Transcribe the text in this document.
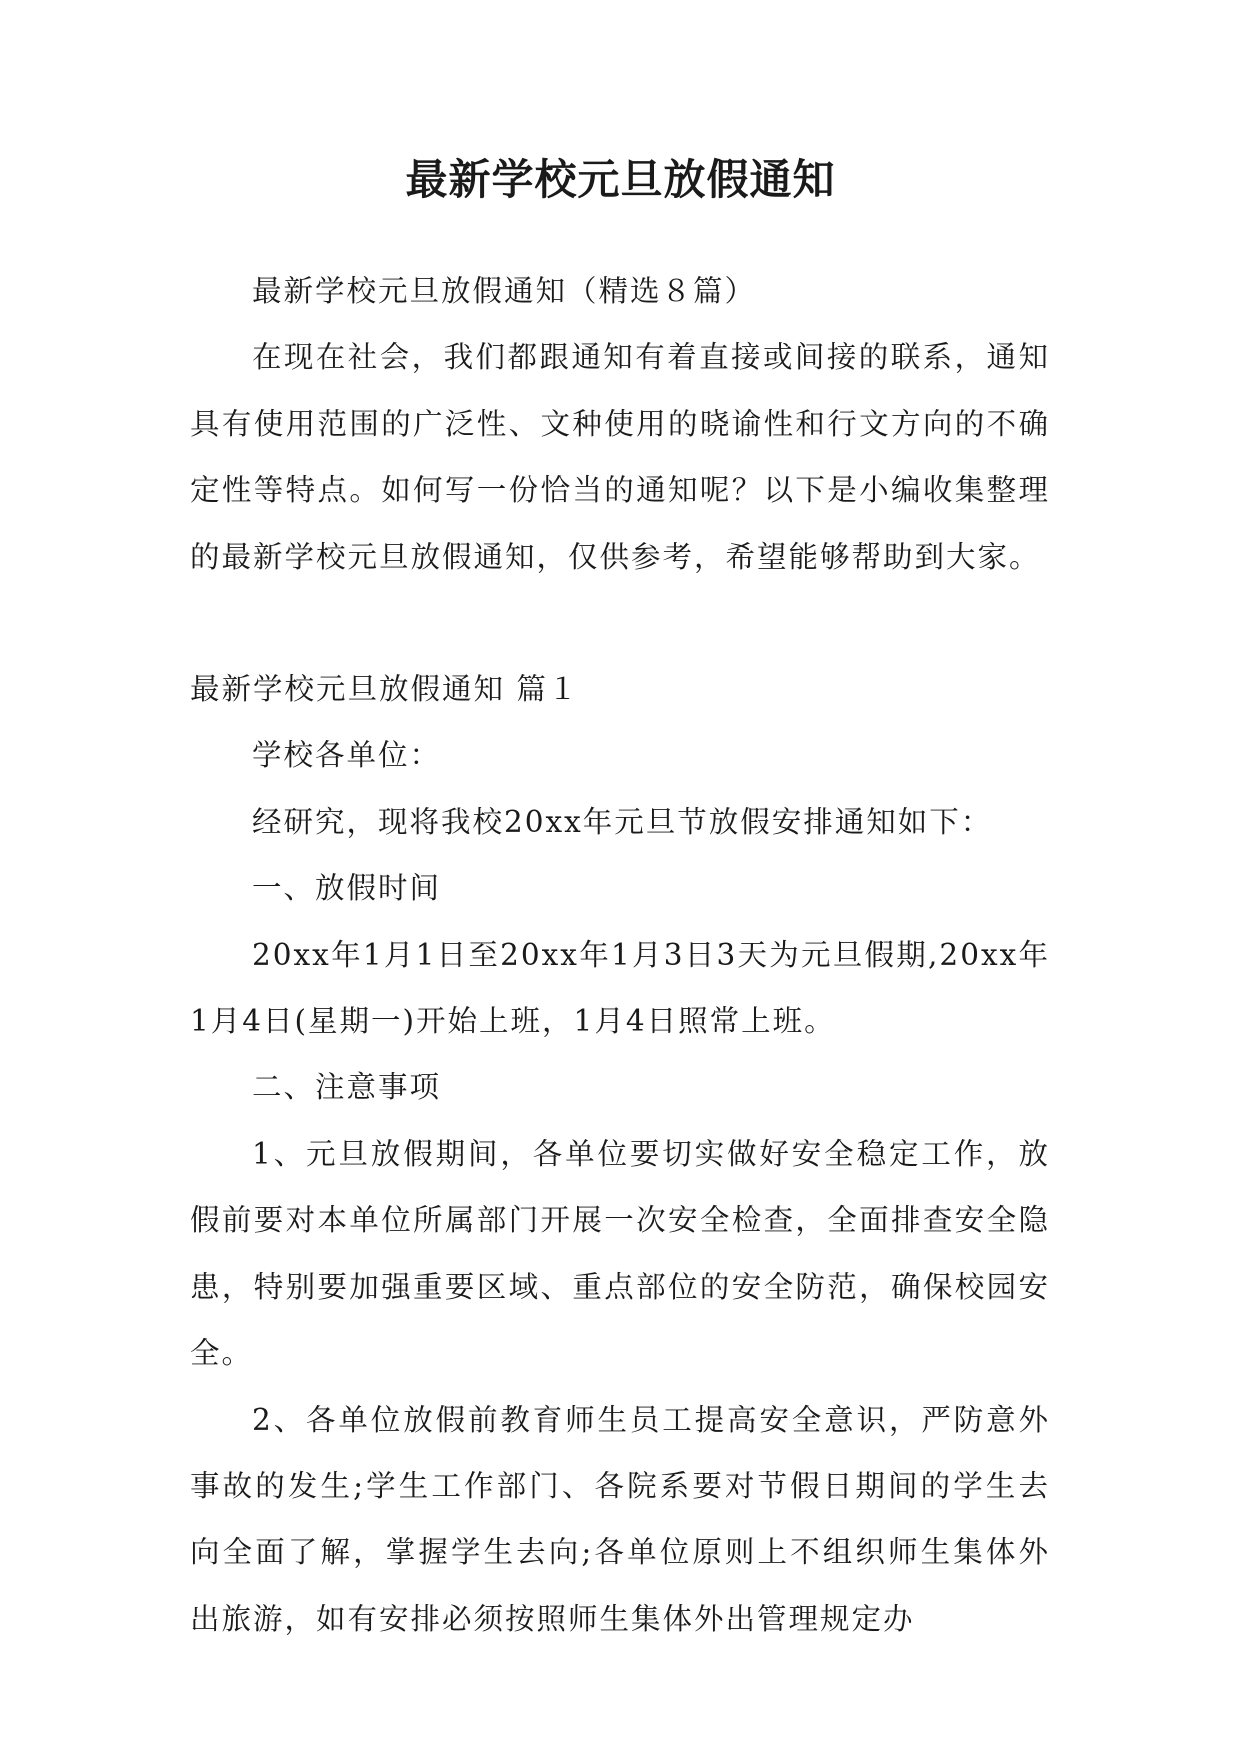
最新学校元旦放假通知

最新学校元旦放假通知（精选８篇）

在现在社会，我们都跟通知有着直接或间接的联系，通知具有使用范围的广泛性、文种使用的晓谕性和行文方向的不确定性等特点。如何写一份恰当的通知呢？以下是小编收集整理的最新学校元旦放假通知，仅供参考，希望能够帮助到大家。

最新学校元旦放假通知 篇１

学校各单位：

经研究，现将我校20xx年元旦节放假安排通知如下：

一、放假时间

20xx年1月1日至20xx年1月3日3天为元旦假期,20xx年1月4日(星期一)开始上班，1月4日照常上班。

二、注意事项

1、元旦放假期间，各单位要切实做好安全稳定工作，放假前要对本单位所属部门开展一次安全检查，全面排查安全隐患，特别要加强重要区域、重点部位的安全防范，确保校园安全。

2、各单位放假前教育师生员工提高安全意识，严防意外事故的发生;学生工作部门、各院系要对节假日期间的学生去向全面了解，掌握学生去向;各单位原则上不组织师生集体外出旅游，如有安排必须按照师生集体外出管理规定办
